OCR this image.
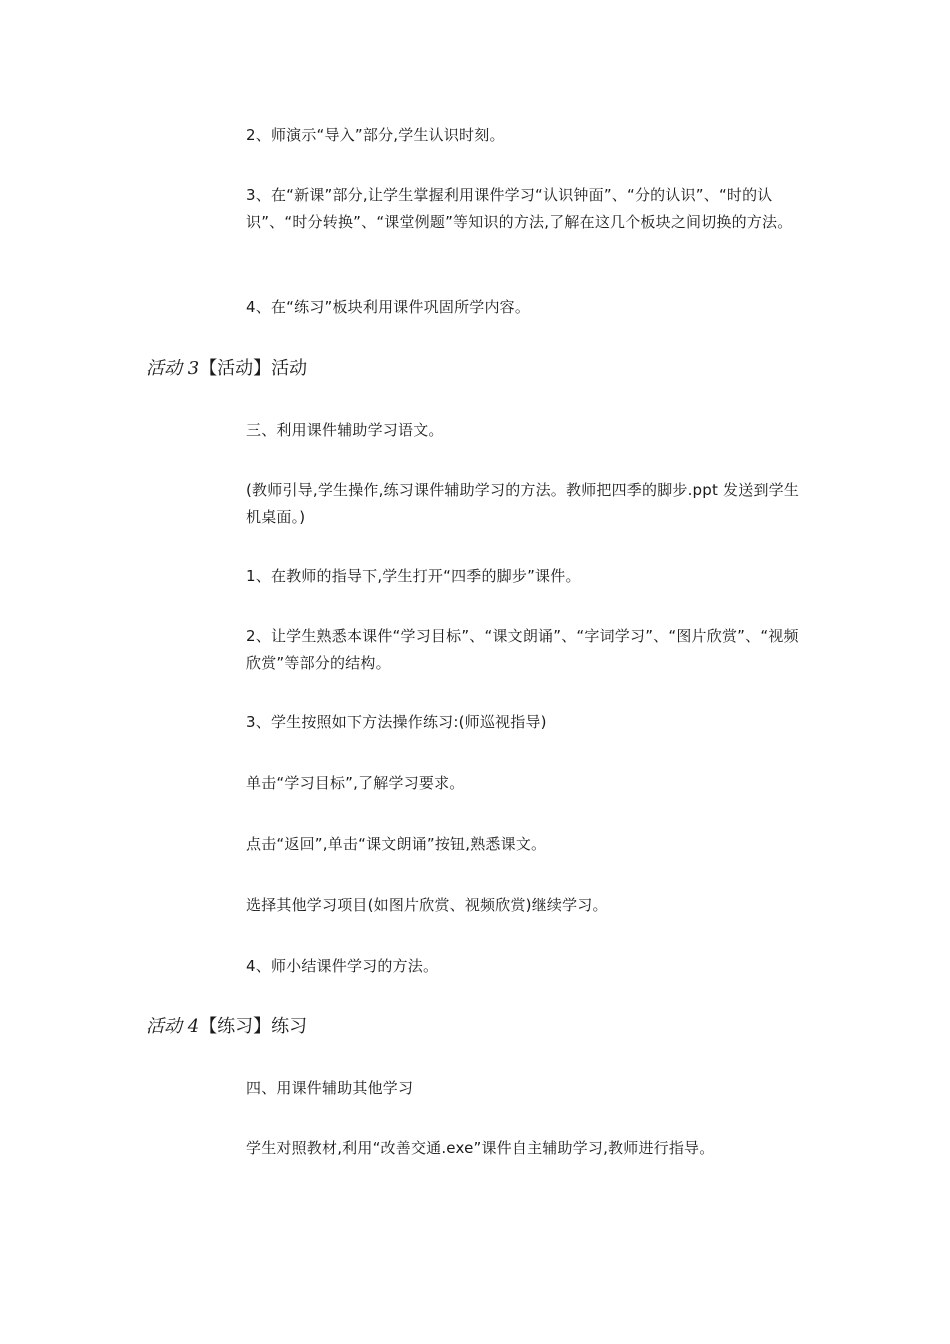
2、师演示“导入”部分,学生认识时刻。

3、在“新课”部分,让学生掌握利用课件学习“认识钟面”、“分的认识”、“时的认识”、“时分转换”、“课堂例题”等知识的方法,了解在这几个板块之间切换的方法。

4、在“练习”板块利用课件巩固所学内容。

活动 3【活动】活动

三、利用课件辅助学习语文。

(教师引导,学生操作,练习课件辅助学习的方法。教师把四季的脚步.ppt 发送到学生机桌面。)

1、在教师的指导下,学生打开“四季的脚步”课件。

2、让学生熟悉本课件“学习目标”、“课文朗诵”、“字词学习”、“图片欣赏”、“视频欣赏”等部分的结构。

3、学生按照如下方法操作练习:(师巡视指导)

单击“学习目标”,了解学习要求。

点击“返回”,单击“课文朗诵”按钮,熟悉课文。

选择其他学习项目(如图片欣赏、视频欣赏)继续学习。

4、师小结课件学习的方法。

活动 4【练习】练习

四、用课件辅助其他学习

学生对照教材,利用“改善交通.exe”课件自主辅助学习,教师进行指导。
